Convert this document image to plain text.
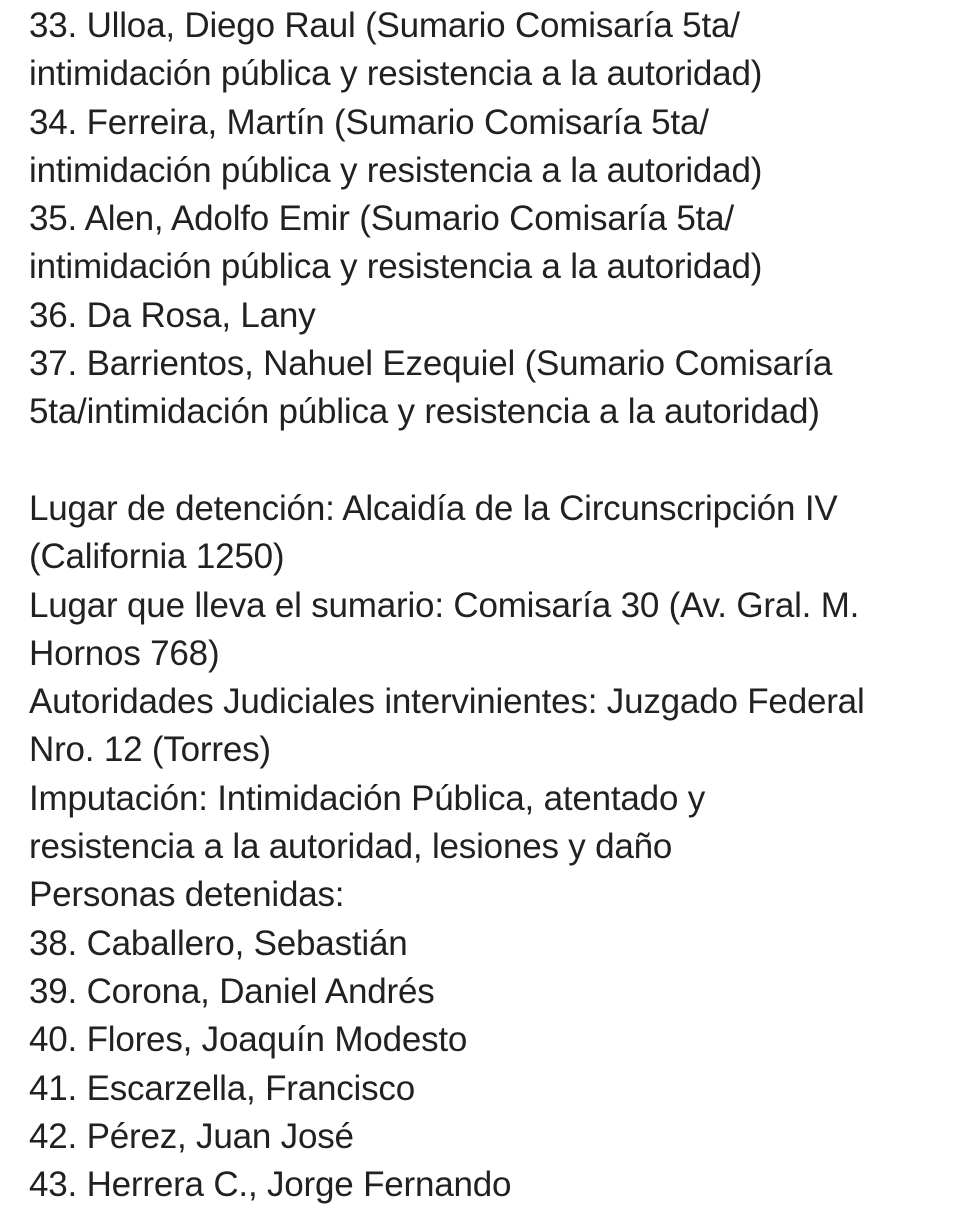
33. Ulloa, Diego Raul (Sumario Comisaría 5ta/
intimidación pública y resistencia a la autoridad)
34. Ferreira, Martín (Sumario Comisaría 5ta/
intimidación pública y resistencia a la autoridad)
35. Alen, Adolfo Emir (Sumario Comisaría 5ta/
intimidación pública y resistencia a la autoridad)
36. Da Rosa, Lany
37. Barrientos, Nahuel Ezequiel (Sumario Comisaría
5ta/intimidación pública y resistencia a la autoridad)
Lugar de detención: Alcaidía de la Circunscripción IV
(California 1250)
Lugar que lleva el sumario: Comisaría 30 (Av. Gral. M.
Hornos 768)
Autoridades Judiciales intervinientes: Juzgado Federal
Nro. 12 (Torres)
Imputación: Intimidación Pública, atentado y
resistencia a la autoridad, lesiones y daño
Personas detenidas:
38. Caballero, Sebastián
39. Corona, Daniel Andrés
40. Flores, Joaquín Modesto
41. Escarzella, Francisco
42. Pérez, Juan José
43. Herrera C., Jorge Fernando
